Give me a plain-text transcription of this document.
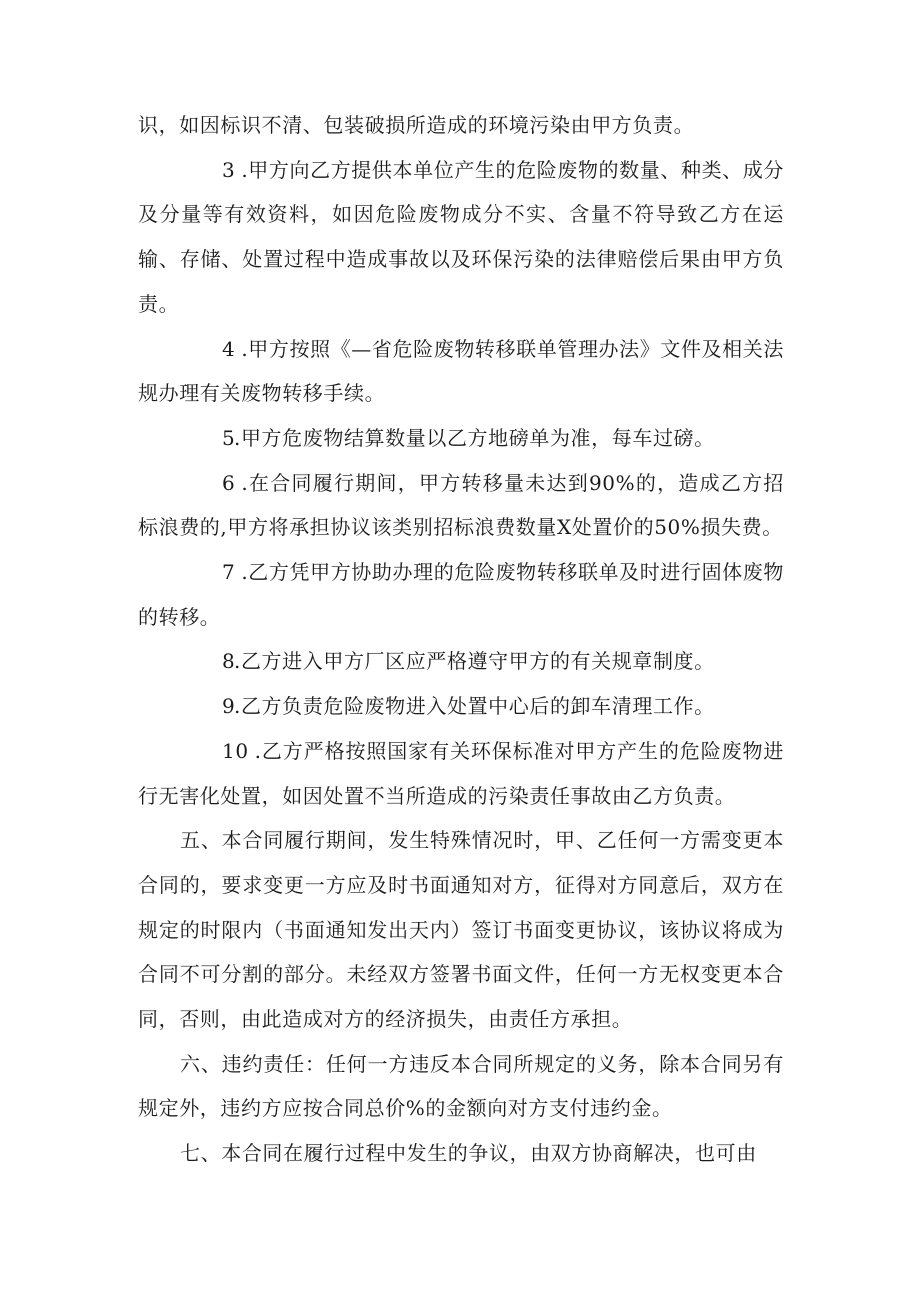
识，如因标识不清、包装破损所造成的环境污染由甲方负责。

3 .甲方向乙方提供本单位产生的危险废物的数量、种类、成分及分量等有效资料，如因危险废物成分不实、含量不符导致乙方在运输、存储、处置过程中造成事故以及环保污染的法律赔偿后果由甲方负责。

4 .甲方按照《—省危险废物转移联单管理办法》文件及相关法规办理有关废物转移手续。

5.甲方危废物结算数量以乙方地磅单为准，每车过磅。

6 .在合同履行期间，甲方转移量未达到90%的，造成乙方招标浪费的,甲方将承担协议该类别招标浪费数量X处置价的50%损失费。

7 .乙方凭甲方协助办理的危险废物转移联单及时进行固体废物的转移。

8.乙方进入甲方厂区应严格遵守甲方的有关规章制度。

9.乙方负责危险废物进入处置中心后的卸车清理工作。

10 .乙方严格按照国家有关环保标准对甲方产生的危险废物进行无害化处置，如因处置不当所造成的污染责任事故由乙方负责。

五、本合同履行期间，发生特殊情况时，甲、乙任何一方需变更本合同的，要求变更一方应及时书面通知对方，征得对方同意后，双方在规定的时限内（书面通知发出天内）签订书面变更协议，该协议将成为合同不可分割的部分。未经双方签署书面文件，任何一方无权变更本合同，否则，由此造成对方的经济损失，由责任方承担。

六、违约责任：任何一方违反本合同所规定的义务，除本合同另有规定外，违约方应按合同总价%的金额向对方支付违约金。

七、本合同在履行过程中发生的争议，由双方协商解决，也可由
